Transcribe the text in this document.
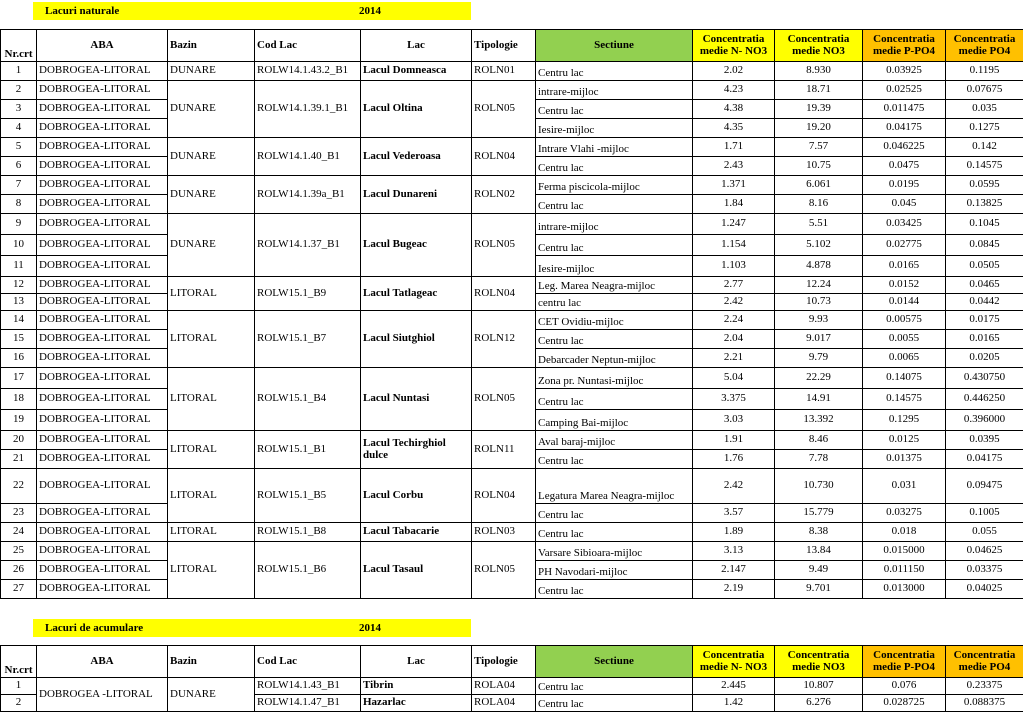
Lacuri naturale	2014
Nr.crt	ABA	Bazin	Cod Lac	Lac	Tipologie	Sectiune	Concentratia medie N- NO3	Concentratia medie NO3	Concentratia medie P-PO4	Concentratia medie PO4
1	DOBROGEA-LITORAL	DUNARE	ROLW14.1.43.2_B1	Lacul Domneasca	ROLN01	Centru lac	2.02	8.930	0.03925	0.1195
2	DOBROGEA-LITORAL	DUNARE	ROLW14.1.39.1_B1	Lacul Oltina	ROLN05	intrare-mijloc	4.23	18.71	0.02525	0.07675
3	DOBROGEA-LITORAL					Centru lac	4.38	19.39	0.011475	0.035
4	DOBROGEA-LITORAL					Iesire-mijloc	4.35	19.20	0.04175	0.1275
5	DOBROGEA-LITORAL	DUNARE	ROLW14.1.40_B1	Lacul Vederoasa	ROLN04	Intrare Vlahi -mijloc	1.71	7.57	0.046225	0.142
6	DOBROGEA-LITORAL					Centru lac	2.43	10.75	0.0475	0.14575
7	DOBROGEA-LITORAL	DUNARE	ROLW14.1.39a_B1	Lacul Dunareni	ROLN02	Ferma piscicola-mijloc	1.371	6.061	0.0195	0.0595
8	DOBROGEA-LITORAL					Centru lac	1.84	8.16	0.045	0.13825
9	DOBROGEA-LITORAL	DUNARE	ROLW14.1.37_B1	Lacul Bugeac	ROLN05	intrare-mijloc	1.247	5.51	0.03425	0.1045
10	DOBROGEA-LITORAL					Centru lac	1.154	5.102	0.02775	0.0845
11	DOBROGEA-LITORAL					Iesire-mijloc	1.103	4.878	0.0165	0.0505
12	DOBROGEA-LITORAL	LITORAL	ROLW15.1_B9	Lacul Tatlageac	ROLN04	Leg. Marea Neagra-mijloc	2.77	12.24	0.0152	0.0465
13	DOBROGEA-LITORAL					centru lac	2.42	10.73	0.0144	0.0442
14	DOBROGEA-LITORAL	LITORAL	ROLW15.1_B7	Lacul Siutghiol	ROLN12	CET Ovidiu-mijloc	2.24	9.93	0.00575	0.0175
15	DOBROGEA-LITORAL					Centru lac	2.04	9.017	0.0055	0.0165
16	DOBROGEA-LITORAL					Debarcader Neptun-mijloc	2.21	9.79	0.0065	0.0205
17	DOBROGEA-LITORAL	LITORAL	ROLW15.1_B4	Lacul Nuntasi	ROLN05	Zona pr. Nuntasi-mijloc	5.04	22.29	0.14075	0.430750
18	DOBROGEA-LITORAL					Centru lac	3.375	14.91	0.14575	0.446250
19	DOBROGEA-LITORAL					Camping Bai-mijloc	3.03	13.392	0.1295	0.396000
20	DOBROGEA-LITORAL	LITORAL	ROLW15.1_B1	Lacul Techirghiol dulce	ROLN11	Aval baraj-mijloc	1.91	8.46	0.0125	0.0395
21	DOBROGEA-LITORAL					Centru lac	1.76	7.78	0.01375	0.04175
22	DOBROGEA-LITORAL	LITORAL	ROLW15.1_B5	Lacul Corbu	ROLN04	Legatura Marea Neagra-mijloc	2.42	10.730	0.031	0.09475
23	DOBROGEA-LITORAL					Centru lac	3.57	15.779	0.03275	0.1005
24	DOBROGEA-LITORAL	LITORAL	ROLW15.1_B8	Lacul Tabacarie	ROLN03	Centru lac	1.89	8.38	0.018	0.055
25	DOBROGEA-LITORAL	LITORAL	ROLW15.1_B6	Lacul Tasaul	ROLN05	Varsare Sibioara-mijloc	3.13	13.84	0.015000	0.04625
26	DOBROGEA-LITORAL					PH Navodari-mijloc	2.147	9.49	0.011150	0.03375
27	DOBROGEA-LITORAL					Centru lac	2.19	9.701	0.013000	0.04025
Lacuri de acumulare	2014
Nr.crt	ABA	Bazin	Cod Lac	Lac	Tipologie	Sectiune	Concentratia medie N- NO3	Concentratia medie NO3	Concentratia medie P-PO4	Concentratia medie PO4
1	DOBROGEA -LITORAL	DUNARE	ROLW14.1.43_B1	Tibrin	ROLA04	Centru lac	2.445	10.807	0.076	0.23375
2			ROLW14.1.47_B1	Hazarlac	ROLA04	Centru lac	1.42	6.276	0.028725	0.088375
